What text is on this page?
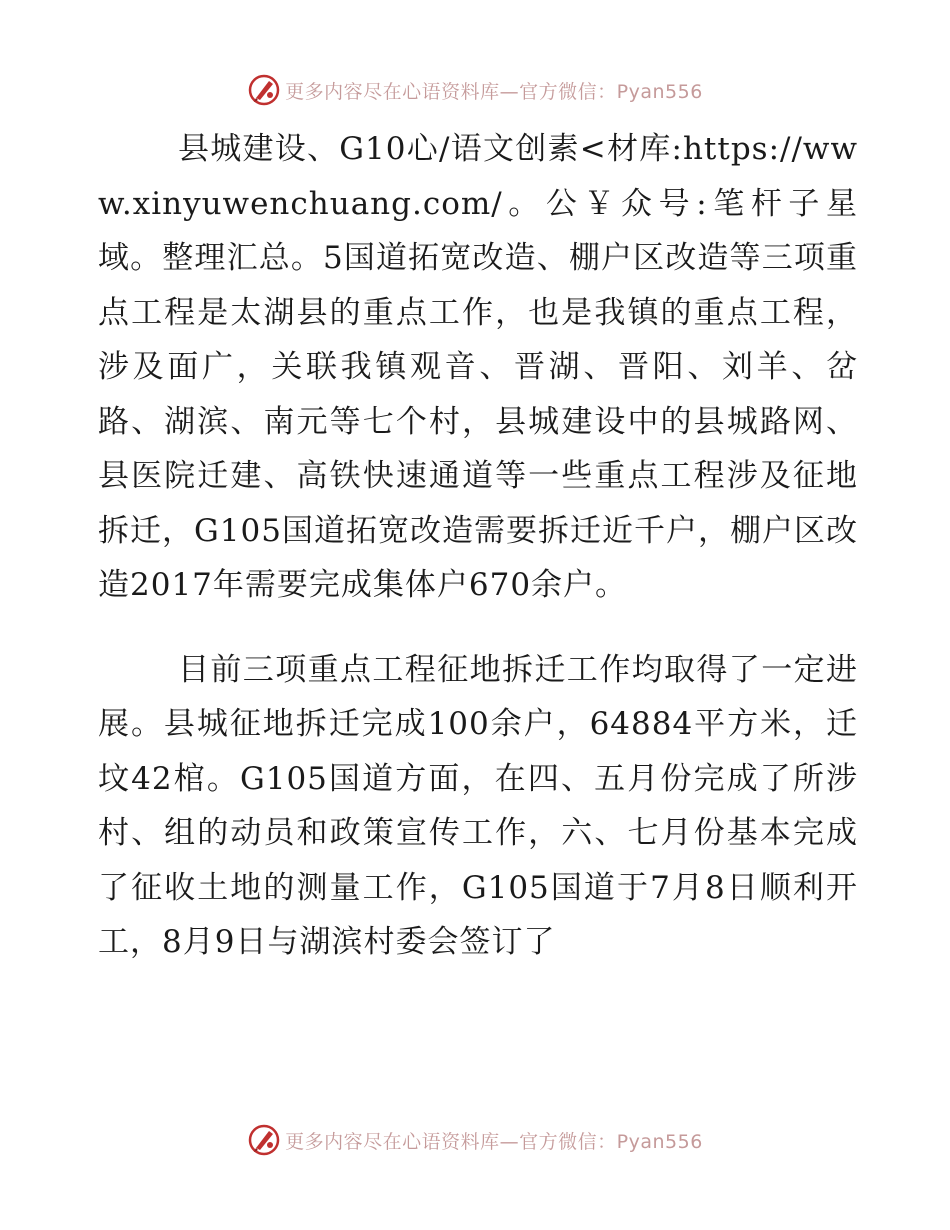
更多内容尽在心语资料库—官方微信：Pyan556

县城建设、G10心/语文创素<材库:https://www.xinyuwenchuang.com/。公￥众号:笔杆子星域。整理汇总。5国道拓宽改造、棚户区改造等三项重点工程是太湖县的重点工作，也是我镇的重点工程，涉及面广，关联我镇观音、晋湖、晋阳、刘羊、岔路、湖滨、南元等七个村，县城建设中的县城路网、县医院迁建、高铁快速通道等一些重点工程涉及征地拆迁，G105国道拓宽改造需要拆迁近千户，棚户区改造2017年需要完成集体户670余户。

目前三项重点工程征地拆迁工作均取得了一定进展。县城征地拆迁完成100余户，64884平方米，迁坟42棺。G105国道方面，在四、五月份完成了所涉村、组的动员和政策宣传工作，六、七月份基本完成了征收土地的测量工作，G105国道于7月8日顺利开工，8月9日与湖滨村委会签订了

更多内容尽在心语资料库—官方微信：Pyan556
